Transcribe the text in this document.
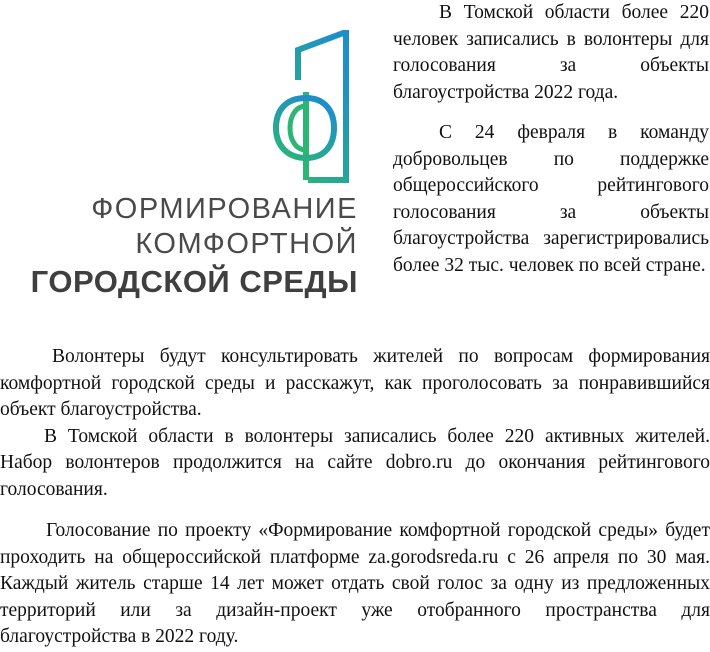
ФОРМИРОВАНИЕ
КОМФОРТНОЙ
ГОРОДСКОЙ СРЕДЫ

В Томской области более 220 человек записались в волонтеры для голосования за объекты благоустройства 2022 года.

С 24 февраля в команду добровольцев по поддержке общероссийского рейтингового голосования за объекты благоустройства зарегистрировались более 32 тыс. человек по всей стране.

Волонтеры будут консультировать жителей по вопросам формирования комфортной городской среды и расскажут, как проголосовать за понравившийся объект благоустройства.

В Томской области в волонтеры записались более 220 активных жителей. Набор волонтеров продолжится на сайте dobro.ru до окончания рейтингового голосования.

Голосование по проекту «Формирование комфортной городской среды» будет проходить на общероссийской платформе za.gorodsreda.ru с 26 апреля по 30 мая. Каждый житель старше 14 лет может отдать свой голос за одну из предложенных территорий или за дизайн-проект уже отобранного пространства для благоустройства в 2022 году.
